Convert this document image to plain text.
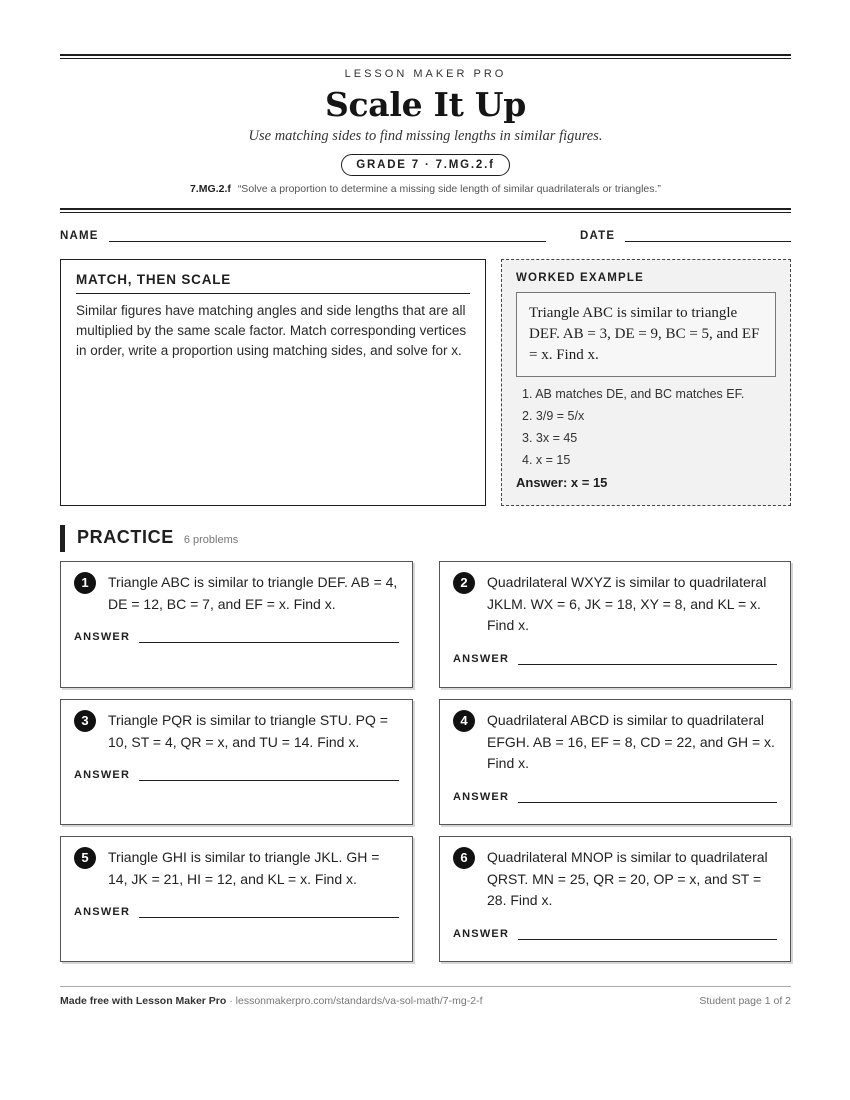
LESSON MAKER PRO
Scale It Up
Use matching sides to find missing lengths in similar figures.
GRADE 7 · 7.MG.2.f
7.MG.2.f “Solve a proportion to determine a missing side length of similar quadrilaterals or triangles.”
NAME	DATE
MATCH, THEN SCALE
Similar figures have matching angles and side lengths that are all multiplied by the same scale factor. Match corresponding vertices in order, write a proportion using matching sides, and solve for x.
WORKED EXAMPLE
Triangle ABC is similar to triangle DEF. AB = 3, DE = 9, BC = 5, and EF = x. Find x.
1. AB matches DE, and BC matches EF.
2. 3/9 = 5/x
3. 3x = 45
4. x = 15
Answer: x = 15
PRACTICE 6 problems
1	Triangle ABC is similar to triangle DEF. AB = 4, DE = 12, BC = 7, and EF = x. Find x.
ANSWER
2	Quadrilateral WXYZ is similar to quadrilateral JKLM. WX = 6, JK = 18, XY = 8, and KL = x. Find x.
ANSWER
3	Triangle PQR is similar to triangle STU. PQ = 10, ST = 4, QR = x, and TU = 14. Find x.
ANSWER
4	Quadrilateral ABCD is similar to quadrilateral EFGH. AB = 16, EF = 8, CD = 22, and GH = x. Find x.
ANSWER
5	Triangle GHI is similar to triangle JKL. GH = 14, JK = 21, HI = 12, and KL = x. Find x.
ANSWER
6	Quadrilateral MNOP is similar to quadrilateral QRST. MN = 25, QR = 20, OP = x, and ST = 28. Find x.
ANSWER
Made free with Lesson Maker Pro · lessonmakerpro.com/standards/va-sol-math/7-mg-2-f	Student page 1 of 2
